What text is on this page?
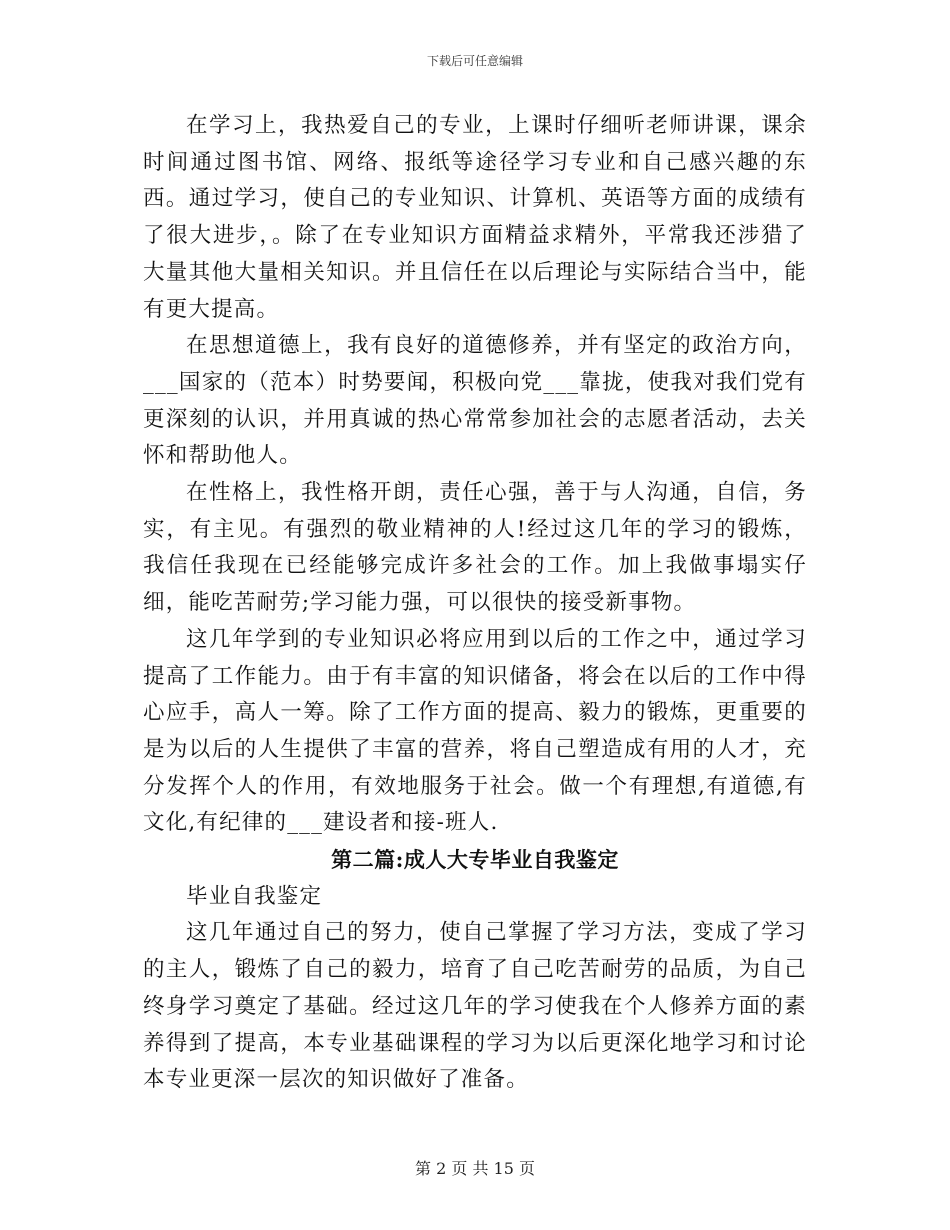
下载后可任意编辑

在学习上，我热爱自己的专业，上课时仔细听老师讲课，课余时间通过图书馆、网络、报纸等途径学习专业和自己感兴趣的东西。通过学习，使自己的专业知识、计算机、英语等方面的成绩有了很大进步，。除了在专业知识方面精益求精外，平常我还涉猎了大量其他大量相关知识。并且信任在以后理论与实际结合当中，能有更大提高。

在思想道德上，我有良好的道德修养，并有坚定的政治方向，___国家的（范本）时势要闻，积极向党___靠拢，使我对我们党有更深刻的认识，并用真诚的热心常常参加社会的志愿者活动，去关怀和帮助他人。

在性格上，我性格开朗，责任心强，善于与人沟通，自信，务实，有主见。有强烈的敬业精神的人!经过这几年的学习的锻炼，我信任我现在已经能够完成许多社会的工作。加上我做事塌实仔细，能吃苦耐劳;学习能力强，可以很快的接受新事物。

这几年学到的专业知识必将应用到以后的工作之中，通过学习提高了工作能力。由于有丰富的知识储备，将会在以后的工作中得心应手，高人一筹。除了工作方面的提高、毅力的锻炼，更重要的是为以后的人生提供了丰富的营养，将自己塑造成有用的人才，充分发挥个人的作用，有效地服务于社会。做一个有理想,有道德,有文化,有纪律的___建设者和接-班人.

第二篇:成人大专毕业自我鉴定

毕业自我鉴定

这几年通过自己的努力，使自己掌握了学习方法，变成了学习的主人，锻炼了自己的毅力，培育了自己吃苦耐劳的品质，为自己终身学习奠定了基础。经过这几年的学习使我在个人修养方面的素养得到了提高，本专业基础课程的学习为以后更深化地学习和讨论本专业更深一层次的知识做好了准备。

第 2 页 共 15 页
